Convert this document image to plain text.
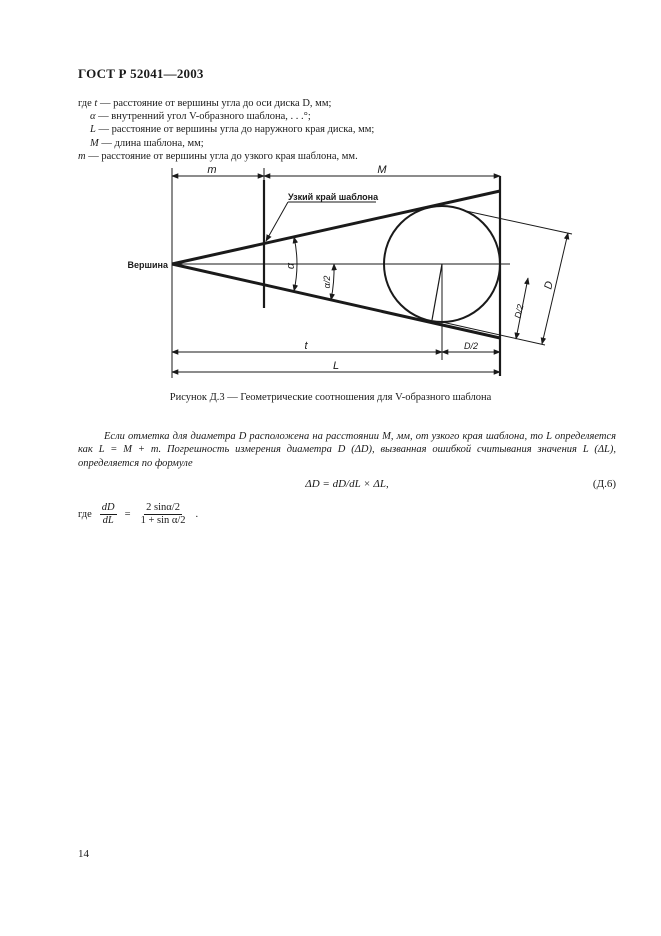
ГОСТ Р 52041—2003
где t — расстояние от вершины угла до оси диска D, мм;
α — внутренний угол V-образного шаблона, . . .°;
L — расстояние от вершины угла до наружного края диска, мм;
M — длина шаблона, мм;
m — расстояние от вершины угла до узкого края шаблона, мм.
m	M
Вершина
Узкий край шаблона
α
α/2	D
D/2
t	D/2
L
Рисунок Д.3 — Геометрические соотношения для V-образного шаблона

Если отметка для диаметра D расположена на расстоянии M, мм, от узкого края шаблона, то L определяется как L = M + m. Погрешность измерения диаметра D (ΔD), вызванная ошибкой считывания значения L (ΔL), определяется по формуле

ΔD = dD/dL × ΔL,	(Д.6)
где $\frac{dD}{dL} = \frac{2 \sin\alpha/2}{\text{1 + sin α/2}}$ .
14
